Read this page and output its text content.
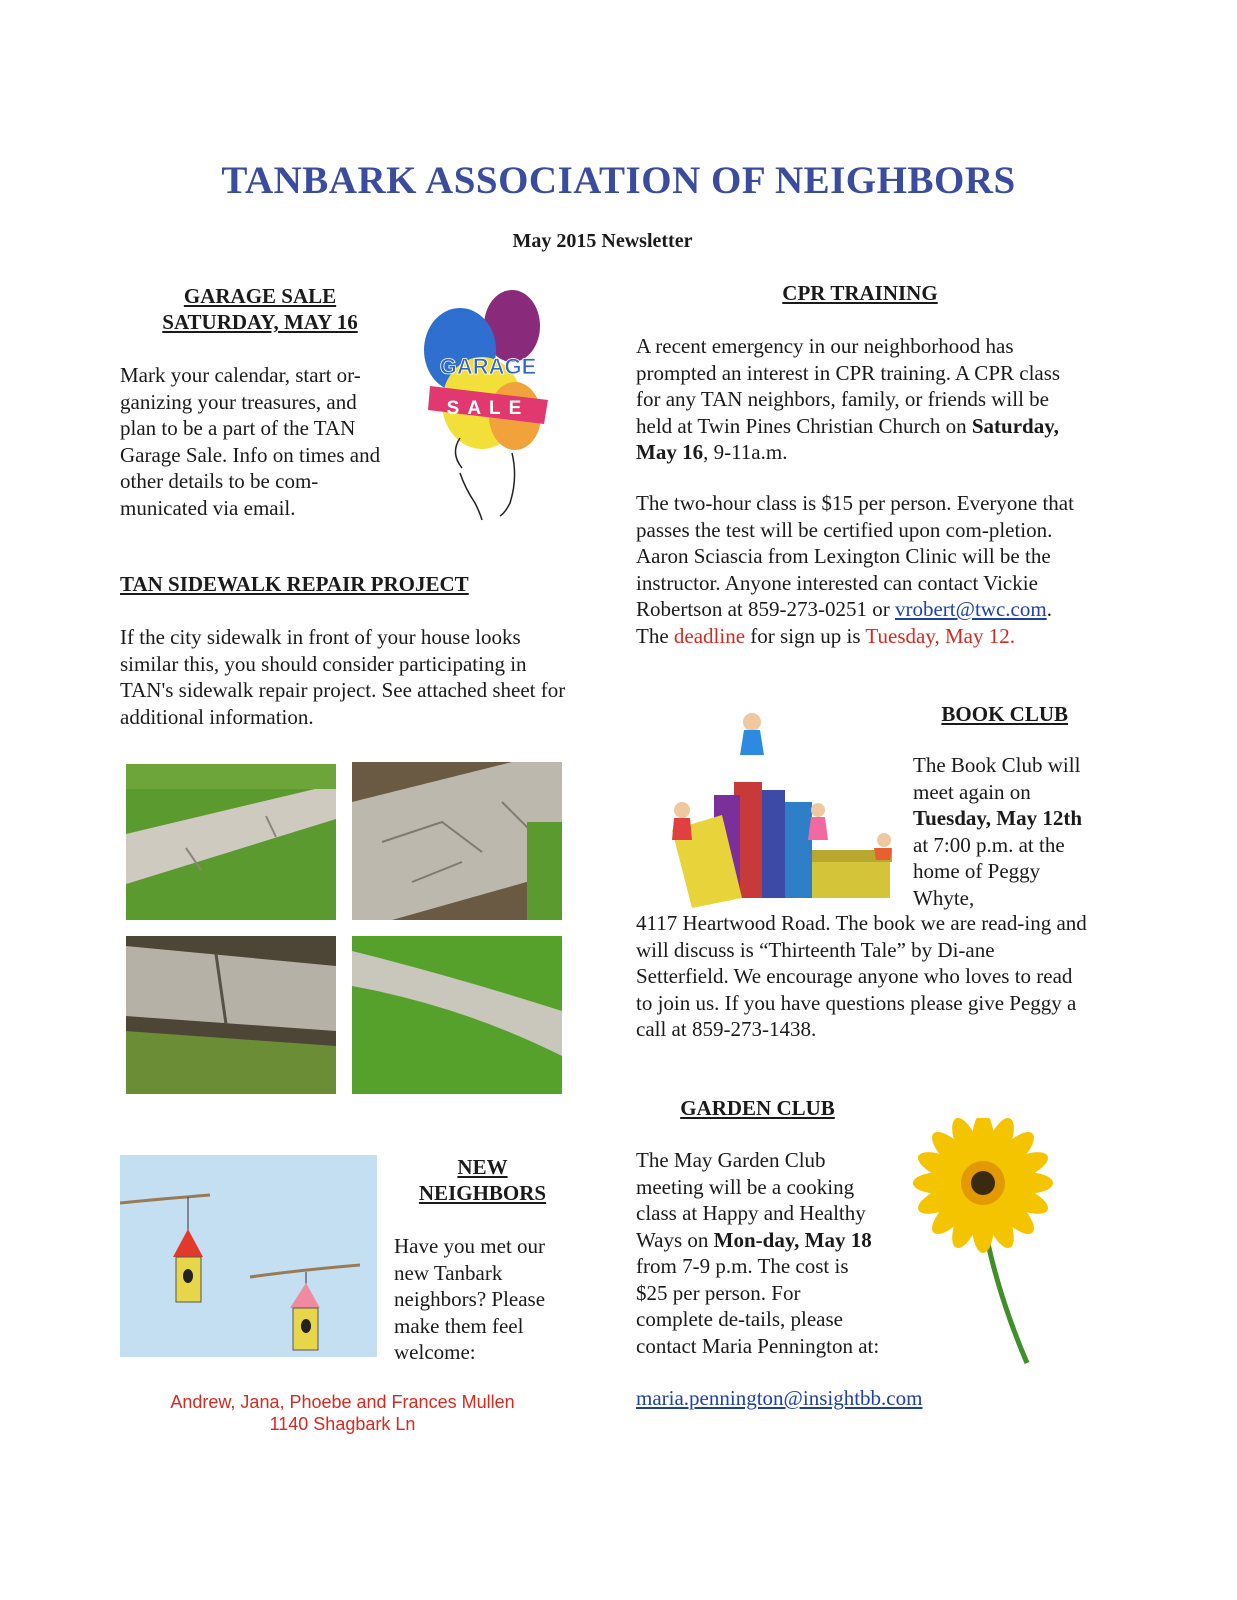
TANBARK ASSOCIATION OF NEIGHBORS
May 2015 Newsletter
GARAGE SALE
SATURDAY, MAY 16
Mark your calendar, start or-ganizing your treasures, and plan to be a part of the TAN Garage Sale. Info on times and other details to be com-municated via email.
GARAGE
SALE
TAN SIDEWALK REPAIR PROJECT
If the city sidewalk in front of your house looks similar this, you should consider participating in TAN's sidewalk repair project. See attached sheet for additional information.
NEW
NEIGHBORS
Have you met our new Tanbark neighbors? Please make them feel welcome:
Andrew, Jana, Phoebe and Frances Mullen
1140 Shagbark Ln
CPR TRAINING
A recent emergency in our neighborhood has prompted an interest in CPR training. A CPR class for any TAN neighbors, family, or friends will be held at Twin Pines Christian Church on Saturday, May 16, 9-11a.m.
The two-hour class is $15 per person. Everyone that passes the test will be certified upon com-pletion. Aaron Sciascia from Lexington Clinic will be the instructor. Anyone interested can contact Vickie Robertson at 859-273-0251 or vrobert@twc.com. The deadline for sign up is Tuesday, May 12.
BOOK CLUB
The Book Club will meet again on Tuesday, May 12th at 7:00 p.m. at the home of Peggy Whyte,
4117 Heartwood Road. The book we are read-ing and will discuss is “Thirteenth Tale” by Di-ane Setterfield. We encourage anyone who loves to read to join us. If you have questions please give Peggy a call at 859-273-1438.
GARDEN CLUB
The May Garden Club meeting will be a cooking class at Happy and Healthy Ways on Mon-day, May 18 from 7-9 p.m. The cost is $25 per person. For complete de-tails, please contact Maria Pennington at:
maria.pennington@insightbb.com
